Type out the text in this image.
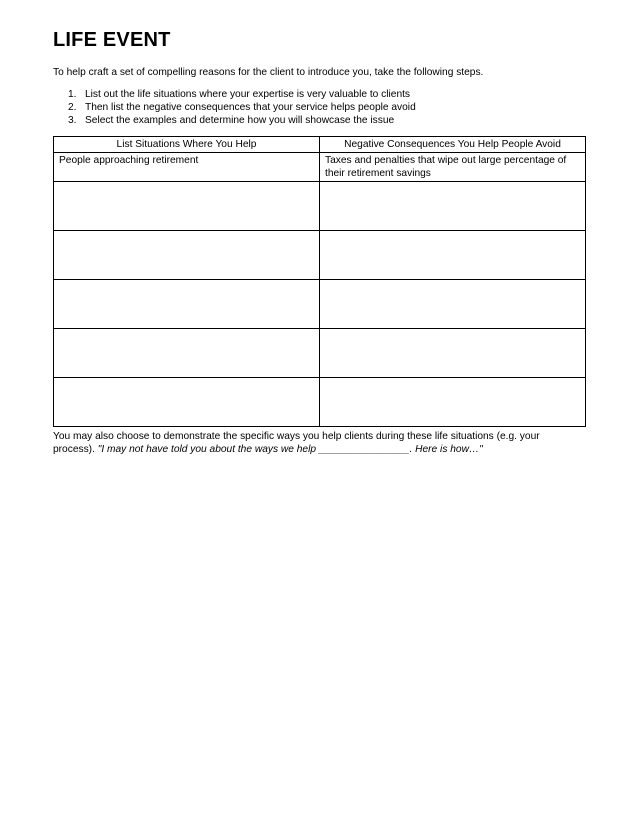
LIFE EVENT

To help craft a set of compelling reasons for the client to introduce you, take the following steps.

1. List out the life situations where your expertise is very valuable to clients
2. Then list the negative consequences that your service helps people avoid
3. Select the examples and determine how you will showcase the issue
List Situations Where You Help	Negative Consequences You Help People Avoid
People approaching retirement	Taxes and penalties that wipe out large percentage of their retirement savings

You may also choose to demonstrate the specific ways you help clients during these life situations (e.g. your process). "I may not have told you about the ways we help ________________. Here is how…"
